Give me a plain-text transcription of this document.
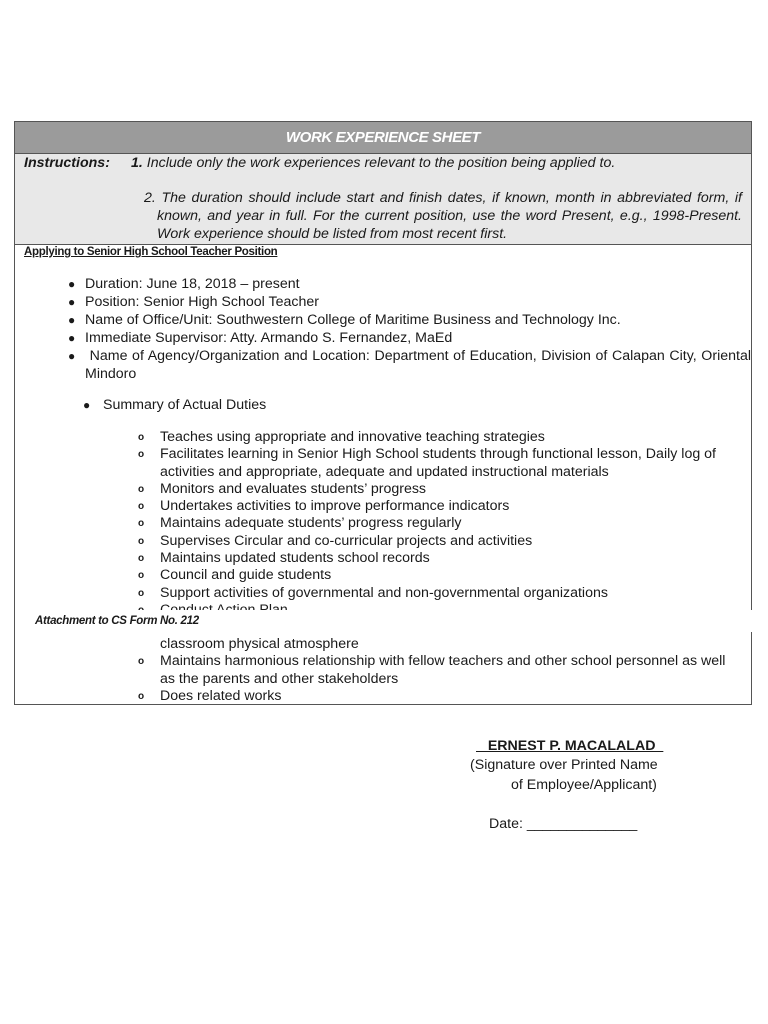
WORK EXPERIENCE SHEET
Instructions: 1. Include only the work experiences relevant to the position being applied to.
2. The duration should include start and finish dates, if known, month in abbreviated form, if known, and year in full. For the current position, use the word Present, e.g., 1998-Present. Work experience should be listed from most recent first.
Applying to Senior High School Teacher Position
● Duration: June 18, 2018 – present
● Position: Senior High School Teacher
● Name of Office/Unit: Southwestern College of Maritime Business and Technology Inc.
● Immediate Supervisor: Atty. Armando S. Fernandez, MaEd
● Name of Agency/Organization and Location: Department of Education, Division of Calapan City, Oriental Mindoro
● Summary of Actual Duties
o Teaches using appropriate and innovative teaching strategies
o Facilitates learning in Senior High School students through functional lesson, Daily log of activities and appropriate, adequate and updated instructional materials
o Monitors and evaluates students’ progress
o Undertakes activities to improve performance indicators
o Maintains adequate students’ progress regularly
o Supervises Circular and co-curricular projects and activities
o Maintains updated students school records
o Council and guide students
o Support activities of governmental and non-governmental organizations
Attachment to CS Form No. 212
classroom physical atmosphere
o Maintains harmonious relationship with fellow teachers and other school personnel as well as the parents and other stakeholders
o Does related works
ERNEST P. MACALALAD
(Signature over Printed Name
of Employee/Applicant)
Date: ______________
